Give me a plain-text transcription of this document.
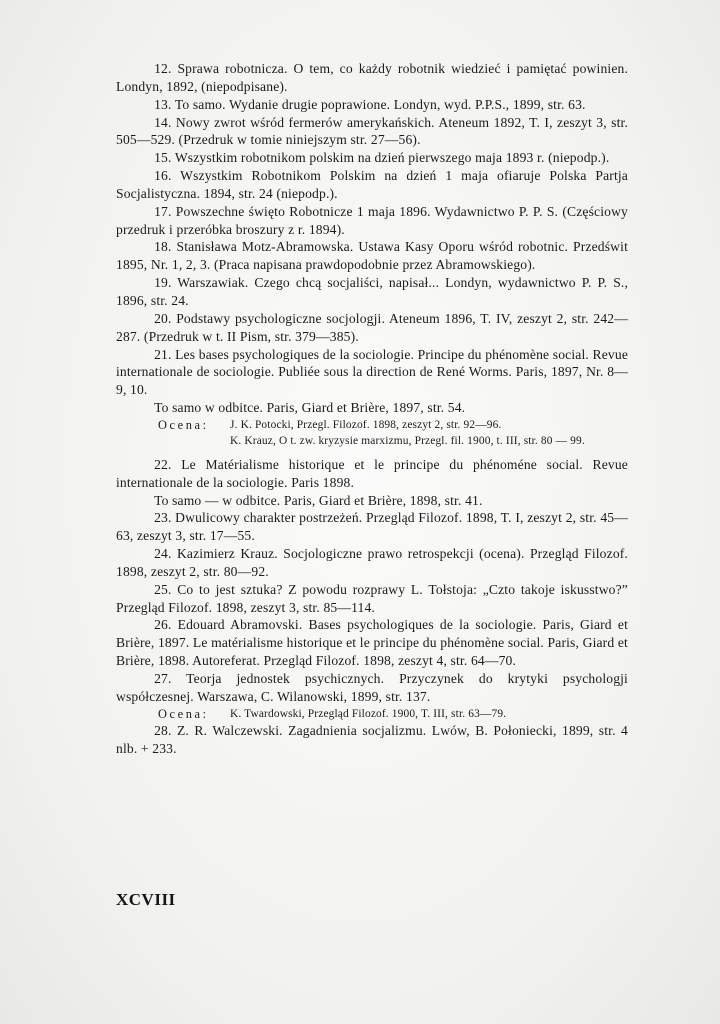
12. Sprawa robotnicza. O tem, co każdy robotnik wiedzieć i pamiętać powinien. Londyn, 1892, (niepodpisane).

13. To samo. Wydanie drugie poprawione. Londyn, wyd. P.P.S., 1899, str. 63.

14. Nowy zwrot wśród fermerów amerykańskich. Ateneum 1892, T. I, zeszyt 3, str. 505—529. (Przedruk w tomie niniejszym str. 27—56).

15. Wszystkim robotnikom polskim na dzień pierwszego maja 1893 r. (niepodp.).

16. Wszystkim Robotnikom Polskim na dzień 1 maja ofiaruje Polska Partja Socjalistyczna. 1894, str. 24 (niepodp.).

17. Powszechne święto Robotnicze 1 maja 1896. Wydawnictwo P. P. S. (Częściowy przedruk i przeróbka broszury z r. 1894).

18. Stanisława Motz-Abramowska. Ustawa Kasy Oporu wśród robotnic. Przedświt 1895, Nr. 1, 2, 3. (Praca napisana prawdopodobnie przez Abramowskiego).

19. Warszawiak. Czego chcą socjaliści, napisał... Londyn, wydawnictwo P. P. S., 1896, str. 24.

20. Podstawy psychologiczne socjologji. Ateneum 1896, T. IV, zeszyt 2, str. 242—287. (Przedruk w t. II Pism, str. 379—385).

21. Les bases psychologiques de la sociologie. Principe du phénomène social. Revue internationale de sociologie. Publiée sous la direction de René Worms. Paris, 1897, Nr. 8—9, 10.

To samo w odbitce. Paris, Giard et Brière, 1897, str. 54.

Ocena: J. K. Potocki, Przegl. Filozof. 1898, zeszyt 2, str. 92—96.
K. Krauz, O t. zw. kryzysie marxizmu, Przegl. fil. 1900, t. III, str. 80 — 99.

22. Le Matérialisme historique et le principe du phénoméne social. Revue internationale de la sociologie. Paris 1898.

To samo — w odbitce. Paris, Giard et Brière, 1898, str. 41.

23. Dwulicowy charakter postrzeżeń. Przegląd Filozof. 1898, T. I, zeszyt 2, str. 45—63, zeszyt 3, str. 17—55.

24. Kazimierz Krauz. Socjologiczne prawo retrospekcji (ocena). Przegląd Filozof. 1898, zeszyt 2, str. 80—92.

25. Co to jest sztuka? Z powodu rozprawy L. Tołstoja: „Czto takoje iskusstwo?” Przegląd Filozof. 1898, zeszyt 3, str. 85—114.

26. Edouard Abramovski. Bases psychologiques de la sociologie. Paris, Giard et Brière, 1897. Le matérialisme historique et le principe du phénomène social. Paris, Giard et Brière, 1898. Autoreferat. Przegląd Filozof. 1898, zeszyt 4, str. 64—70.

27. Teorja jednostek psychicznych. Przyczynek do krytyki psychologji współczesnej. Warszawa, C. Wilanowski, 1899, str. 137.

Ocena: K. Twardowski, Przegląd Filozof. 1900, T. III, str. 63—79.

28. Z. R. Walczewski. Zagadnienia socjalizmu. Lwów, B. Połoniecki, 1899, str. 4 nlb. + 233.

XCVIII
